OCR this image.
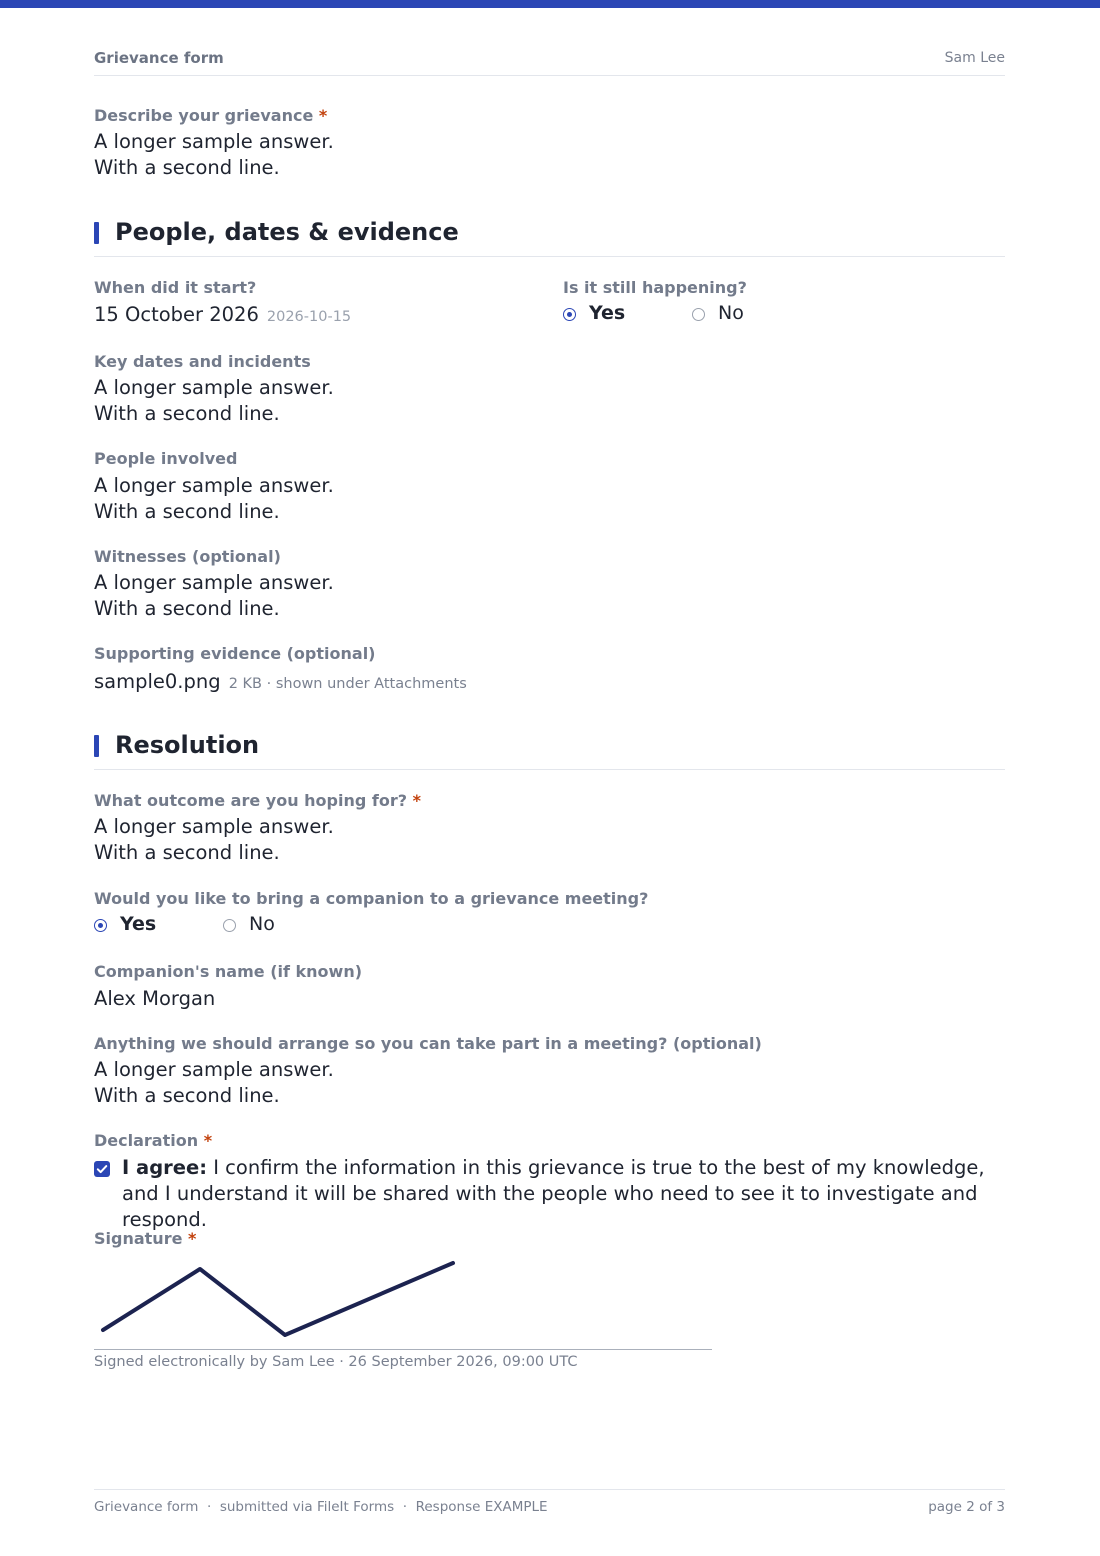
Grievance form	Sam Lee
Describe your grievance *
A longer sample answer.
With a second line.
People, dates & evidence
When did it start?
15 October 2026 2026-10-15
Is it still happening?
Yes	No
Key dates and incidents
A longer sample answer.
With a second line.
People involved
A longer sample answer.
With a second line.
Witnesses (optional)
A longer sample answer.
With a second line.
Supporting evidence (optional)
sample0.png 2 KB · shown under Attachments
Resolution
What outcome are you hoping for? *
A longer sample answer.
With a second line.
Would you like to bring a companion to a grievance meeting?
Yes	No
Companion's name (if known)
Alex Morgan
Anything we should arrange so you can take part in a meeting? (optional)
A longer sample answer.
With a second line.
Declaration *
I agree: I confirm the information in this grievance is true to the best of my knowledge, and I understand it will be shared with the people who need to see it to investigate and respond.
Signature *
Signed electronically by Sam Lee · 26 September 2026, 09:00 UTC
Grievance form  ·  submitted via FileIt Forms  ·  Response EXAMPLE	page 2 of 3
